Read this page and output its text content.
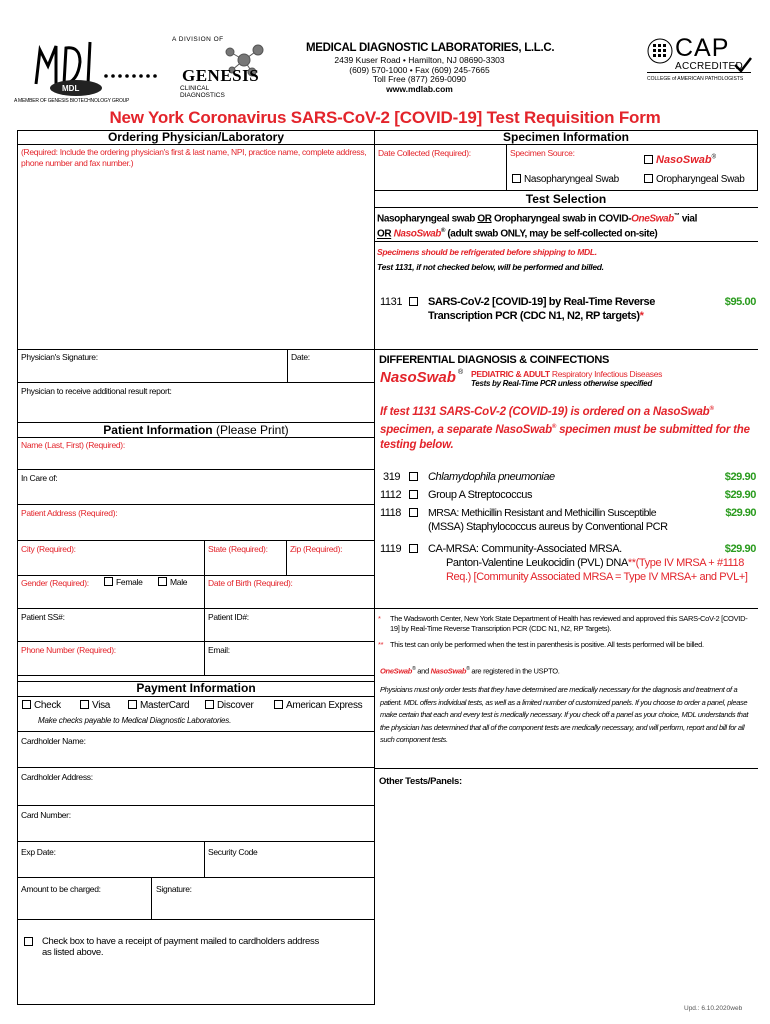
MDL
A MEMBER OF GENESIS BIOTECHNOLOGY GROUP
A DIVISION OF
GENESIS
CLINICAL
DIAGNOSTICS
MEDICAL DIAGNOSTIC LABORATORIES, L.L.C.
2439 Kuser Road • Hamilton, NJ 08690-3303
(609) 570-1000 • Fax (609) 245-7665
Toll Free (877) 269-0090
www.mdlab.com
CAP
ACCREDITED
COLLEGE of AMERICAN PATHOLOGISTS
New York Coronavirus SARS-CoV-2 [COVID-19] Test Requisition Form
Ordering Physician/Laboratory
(Required: Include the ordering physician's first & last name, NPI, practice name, complete address, phone number and fax number.)
Physician's Signature:	Date:
Physician to receive additional result report:
Patient Information (Please Print)
Name (Last, First) (Required):
In Care of:
Patient Address (Required):
City (Required):	State (Required):	Zip (Required):
Gender (Required):	Female	Male Date of Birth (Required):
Patient SS#:	Patient ID#:
Phone Number (Required):	Email:
Payment Information
Check	Visa	MasterCard	Discover	American Express
Make checks payable to Medical Diagnostic Laboratories.
Cardholder Name:
Cardholder Address:
Card Number:
Exp Date:	Security Code
Amount to be charged:	Signature:
Check box to have a receipt of payment mailed to cardholders address
as listed above.
Specimen Information
Date Collected (Required):	Specimen Source:
NasoSwab®
Nasopharyngeal Swab	Oropharyngeal Swab
Test Selection
Nasopharyngeal swab OR Oropharyngeal swab in COVID-OneSwab™ vial
OR NasoSwab® (adult swab ONLY, may be self-collected on-site)
Specimens should be refrigerated before shipping to MDL.
Test 1131, if not checked below, will be performed and billed.
1131 SARS-CoV-2 [COVID-19] by Real-Time Reverse
Transcription PCR (CDC N1, N2, RP targets)*
$95.00
DIFFERENTIAL DIAGNOSIS & COINFECTIONS
NasoSwab ® PEDIATRIC & ADULT Respiratory Infectious Diseases
Tests by Real-Time PCR unless otherwise specified
If test 1131 SARS-CoV-2 (COVID-19) is ordered on a NasoSwab® specimen, a separate NasoSwab® specimen must be submitted for the testing below.
319	Chlamydophila pneumoniae	$29.90
1112 Group A Streptococcus	$29.90
1118	MRSA: Methicillin Resistant and Methicillin Susceptible
(MSSA) Staphylococcus aureus by Conventional PCR
$29.90
1119 CA-MRSA: Community-Associated MRSA.
Panton-Valentine Leukocidin (PVL) DNA**(Type IV MRSA + #1118 Req.) [Community Associated MRSA = Type IV MRSA+ and PVL+]
$29.90
*	The Wadsworth Center, New York State Department of Health has reviewed and approved this SARS-CoV-2 [COVID-19] by Real-Time Reverse Transcription PCR (CDC N1, N2, RP Targets).
** This test can only be performed when the test in parenthesis is positive. All tests performed will be billed.
OneSwab® and NasoSwab® are registered in the USPTO.
Physicians must only order tests that they have determined are medically necessary for the diagnosis and treatment of a patient. MDL offers individual tests, as well as a limited number of customized panels. If you choose to order a panel, please make certain that each and every test is medically necessary. If you check off a panel as your choice, MDL understands that the physician has determined that all of the component tests are medically necessary, and will perform, report and bill for all such component tests.
Other Tests/Panels:
Upd.: 6.10.2020web
